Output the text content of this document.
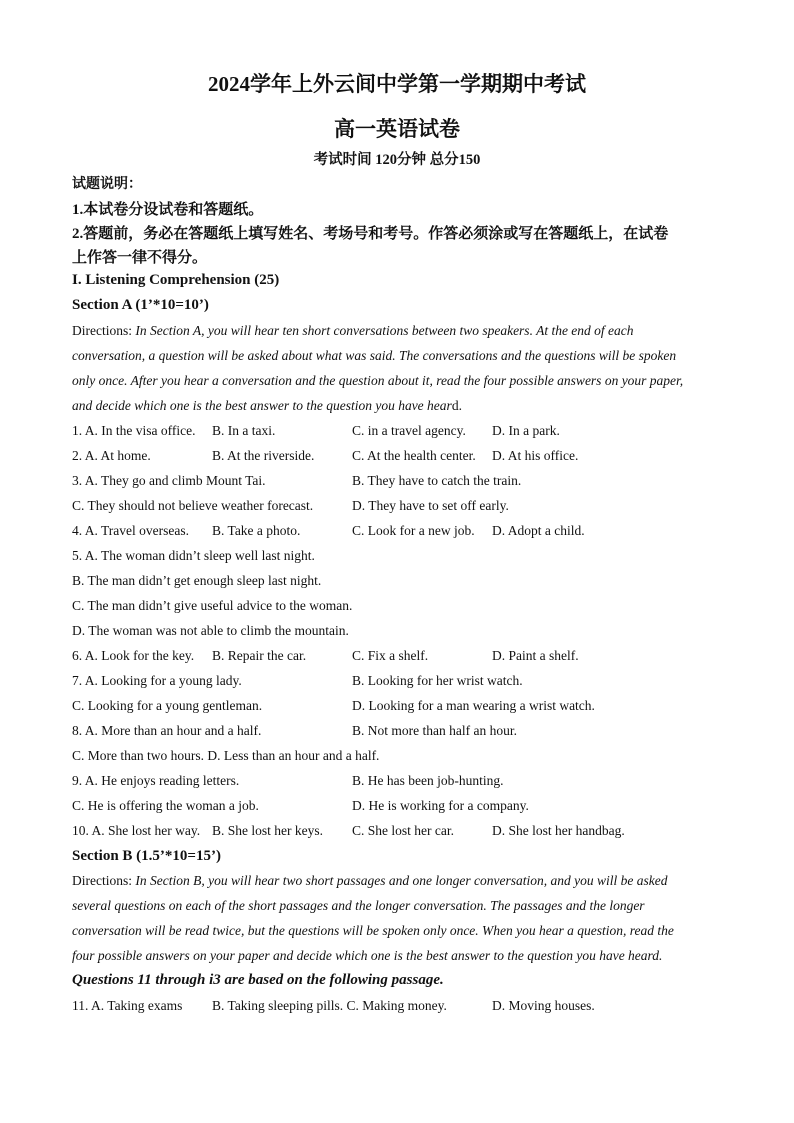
2024学年上外云间中学第一学期期中考试
高一英语试卷
考试时间 120分钟 总分150
试题说明：
1.本试卷分设试卷和答题纸。
2.答题前，务必在答题纸上填写姓名、考场号和考号。作答必须涂或写在答题纸上，在试卷
上作答一律不得分。
I. Listening Comprehension (25)
Section A (1’*10=10’)
Directions: In Section A, you will hear ten short conversations between two speakers. At the end of each
conversation, a question will be asked about what was said. The conversations and the questions will be spoken
only once. After you hear a conversation and the question about it, read the four possible answers on your paper,
and decide which one is the best answer to the question you have heard.
1. A. In the visa office. B. In a taxi.	C. in a travel agency. D. In a park.
2. A. At home.	B. At the riverside.	C. At the health center. D. At his office.
3. A. They go and climb Mount Tai.	B. They have to catch the train.
C. They should not believe weather forecast.	D. They have to set off early.
4. A. Travel overseas. B. Take a photo.	C. Look for a new job. D. Adopt a child.
5. A. The woman didn’t sleep well last night.
B. The man didn’t get enough sleep last night.
C. The man didn’t give useful advice to the woman.
D. The woman was not able to climb the mountain.
6. A. Look for the key. B. Repair the car.	C. Fix a shelf.	D. Paint a shelf.
7. A. Looking for a young lady.	B. Looking for her wrist watch.
C. Looking for a young gentleman.	D. Looking for a man wearing a wrist watch.
8. A. More than an hour and a half.	B. Not more than half an hour.
C. More than two hours. D. Less than an hour and a half.
9. A. He enjoys reading letters.	B. He has been job-hunting.
C. He is offering the woman a job.	D. He is working for a company.
10. A. She lost her way. B. She lost her keys. C. She lost her car.	D. She lost her handbag.
Section B (1.5’*10=15’)
Directions: In Section B, you will hear two short passages and one longer conversation, and you will be asked
several questions on each of the short passages and the longer conversation. The passages and the longer
conversation will be read twice, but the questions will be spoken only once. When you hear a question, read the
four possible answers on your paper and decide which one is the best answer to the question you have heard.
Questions 11 through i3 are based on the following passage.
11. A. Taking exams B. Taking sleeping pills. C. Making money.	D. Moving houses.
